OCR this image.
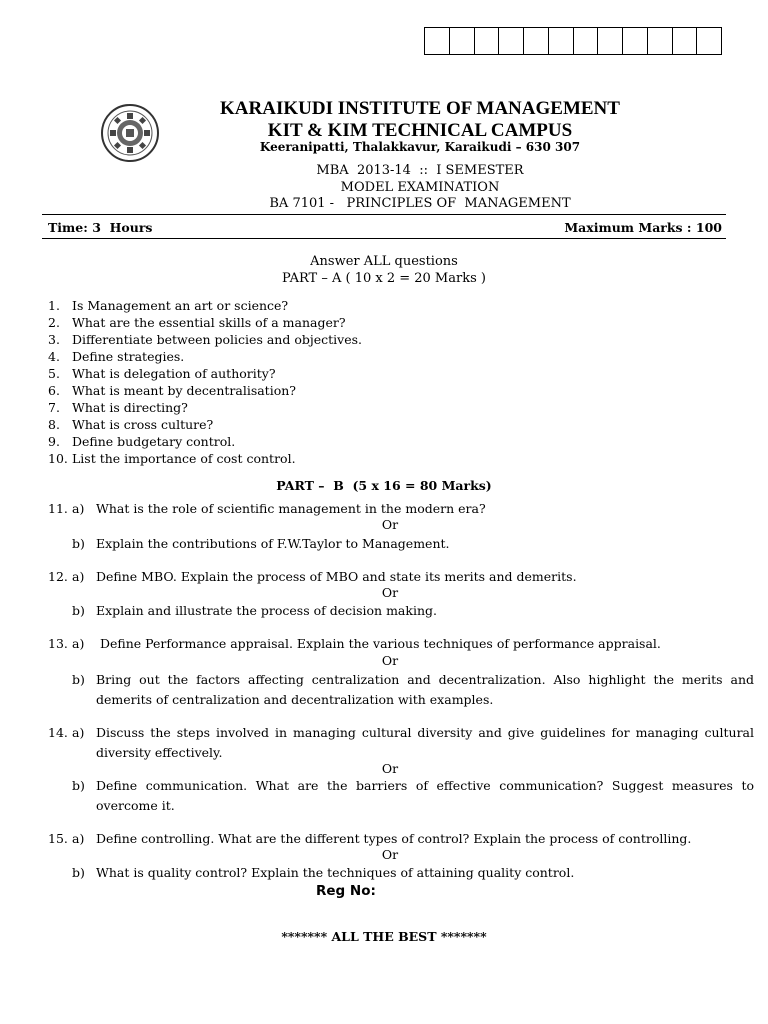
KARAIKUDI INSTITUTE OF MANAGEMENT
KIT & KIM TECHNICAL CAMPUS
Keeranipatti, Thalakkavur, Karaikudi – 630 307
MBA  2013-14  ::  I SEMESTER
MODEL EXAMINATION
BA 7101 -   PRINCIPLES OF  MANAGEMENT
Time: 3  Hours	Maximum Marks : 100
Answer ALL questions
PART – A ( 10 x 2 = 20 Marks )
1. Is Management an art or science?
2. What are the essential skills of a manager?
3. Differentiate between policies and objectives.
4. Define strategies.
5. What is delegation of authority?
6. What is meant by decentralisation?
7. What is directing?
8. What is cross culture?
9. Define budgetary control.
10. List the importance of cost control.
PART –  B  (5 x 16 = 80 Marks)
11. a) What is the role of scientific management in the modern era?
b) Explain the contributions of F.W.Taylor to Management.
Or
12. a) Define MBO. Explain the process of MBO and state its merits and demerits.
b) Explain and illustrate the process of decision making.
Or
13. a) Define Performance appraisal. Explain the various techniques of performance appraisal.
b) Bring out the factors affecting centralization and decentralization. Also highlight the merits and demerits of centralization and decentralization with examples.
Or
14. a) Discuss the steps involved in managing cultural diversity and give guidelines for managing cultural diversity effectively.
b) Define communication. What are the barriers of effective communication? Suggest measures to overcome it.
Or
15. a) Define controlling. What are the different types of control? Explain the process of controlling.
b) What is quality control? Explain the techniques of attaining quality control.
Or
Reg No:
******* ALL THE BEST *******
